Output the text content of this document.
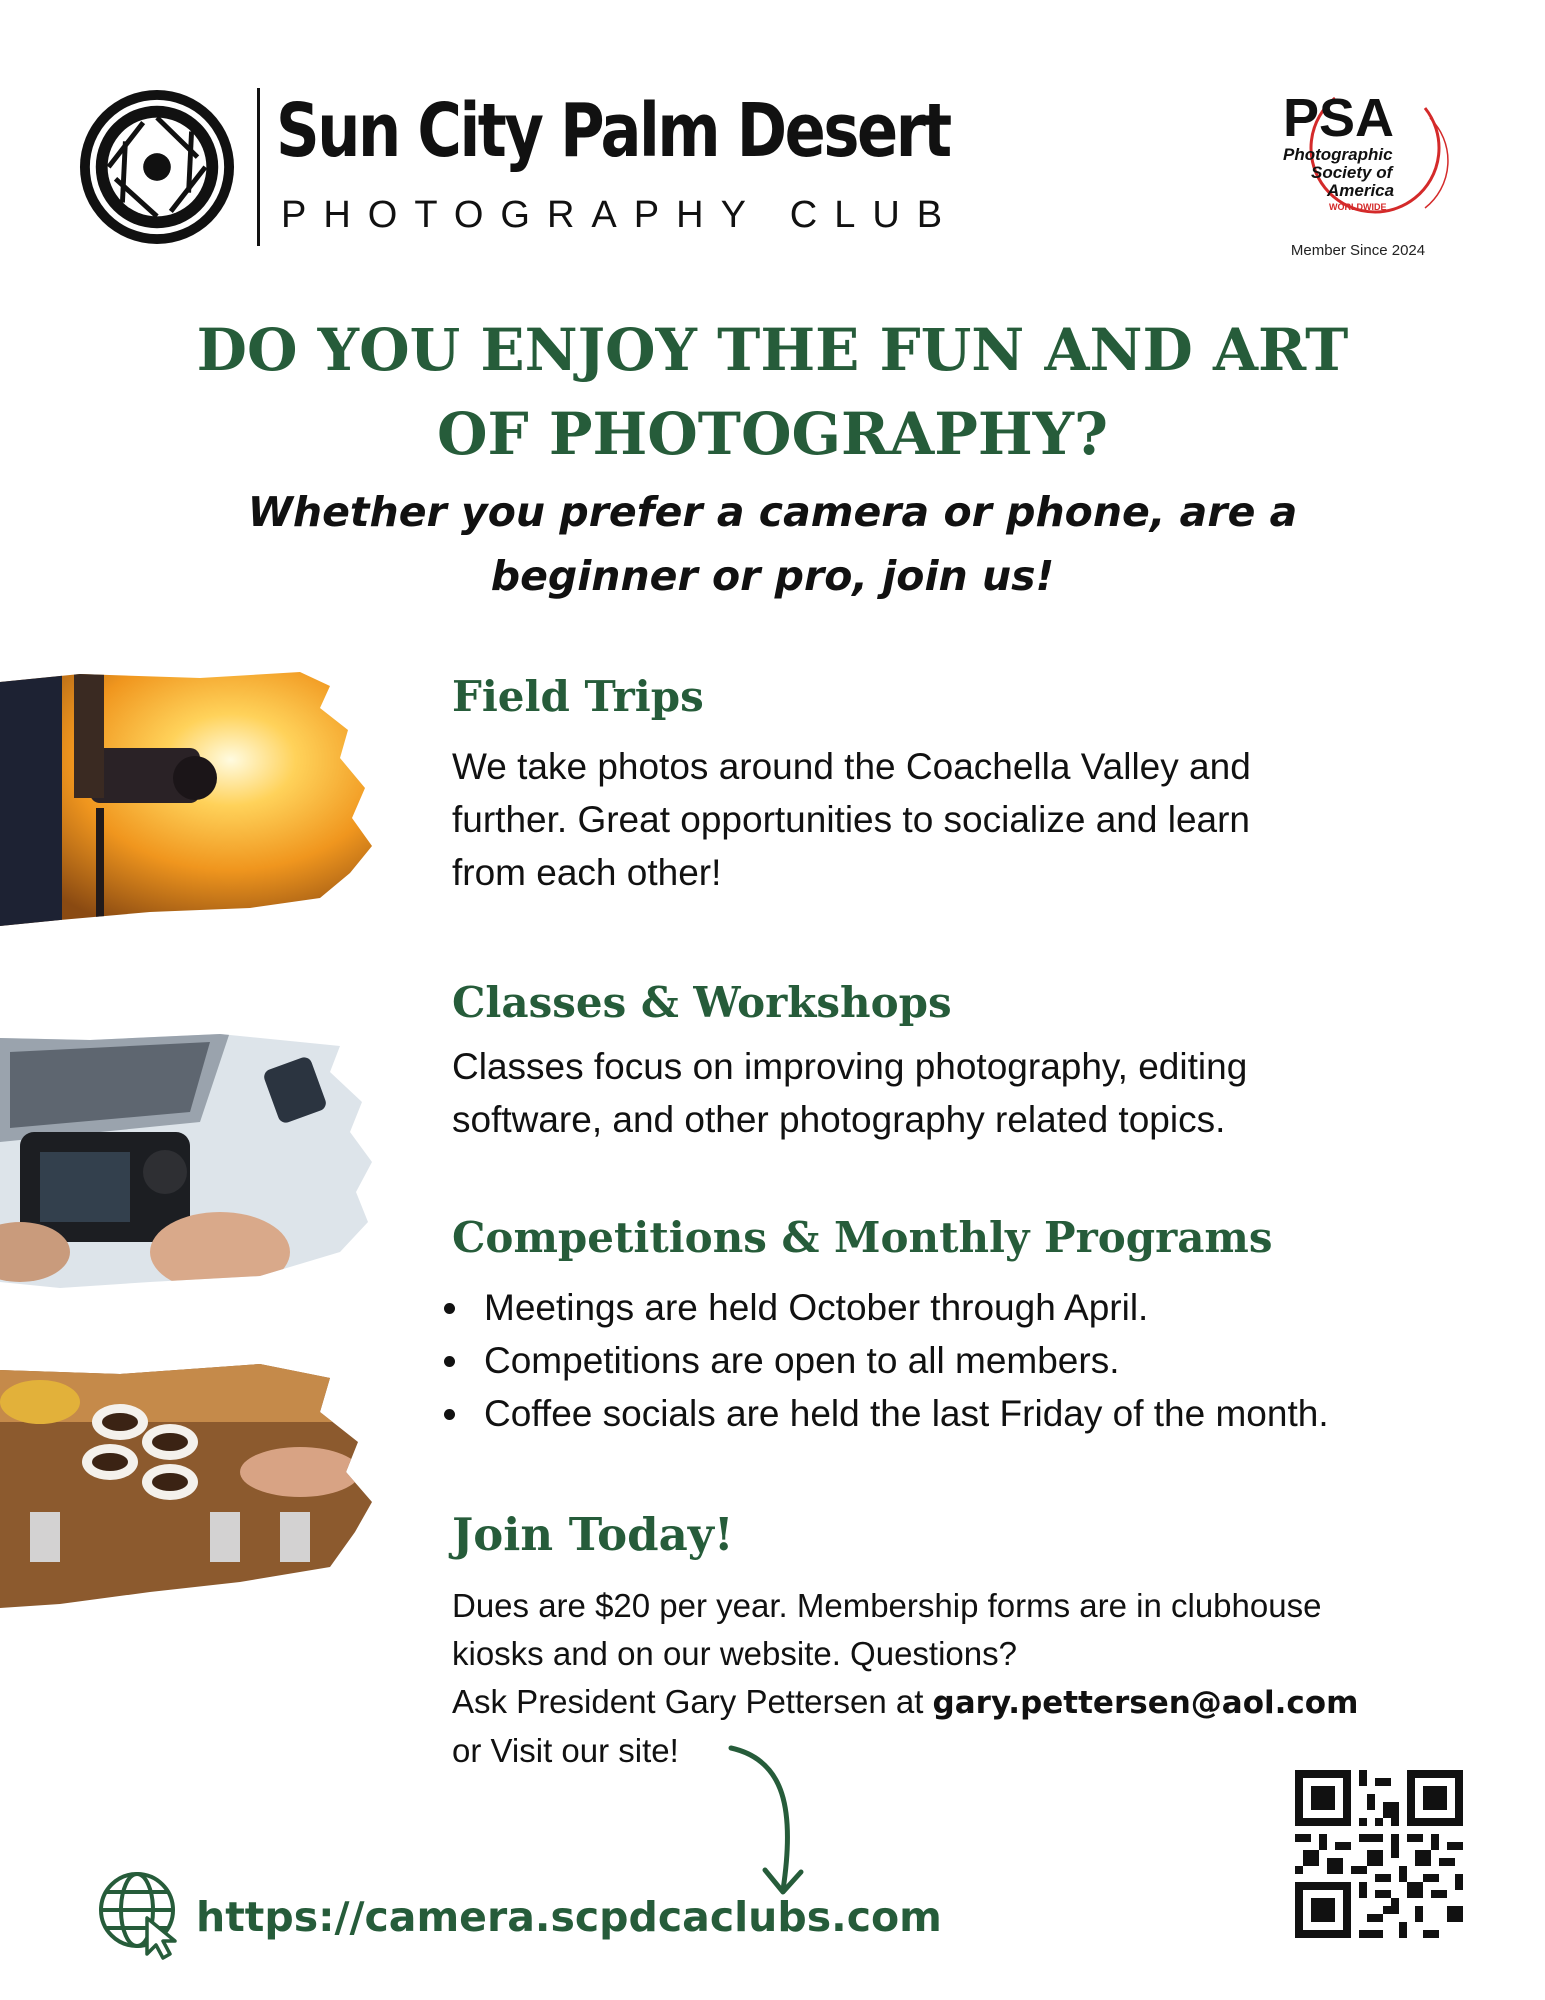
Sun City Palm Desert
PHOTOGRAPHY CLUB
PSA
Photographic
Society of
America
WORLDWIDE
Member Since 2024
DO YOU ENJOY THE FUN AND ART
OF PHOTOGRAPHY?
Whether you prefer a camera or phone, are a
beginner or pro, join us!
Field Trips
We take photos around the Coachella Valley and
further. Great opportunities to socialize and learn
from each other!
Classes & Workshops
Classes focus on improving photography, editing
software, and other photography related topics.
Competitions & Monthly Programs
Meetings are held October through April.
Competitions are open to all members.
Coffee socials are held the last Friday of the month.
Join Today!
Dues are $20 per year. Membership forms are in clubhouse
kiosks and on our website. Questions?
Ask President Gary Pettersen at gary.pettersen@aol.com
or Visit our site!
https://camera.scpdcaclubs.com
